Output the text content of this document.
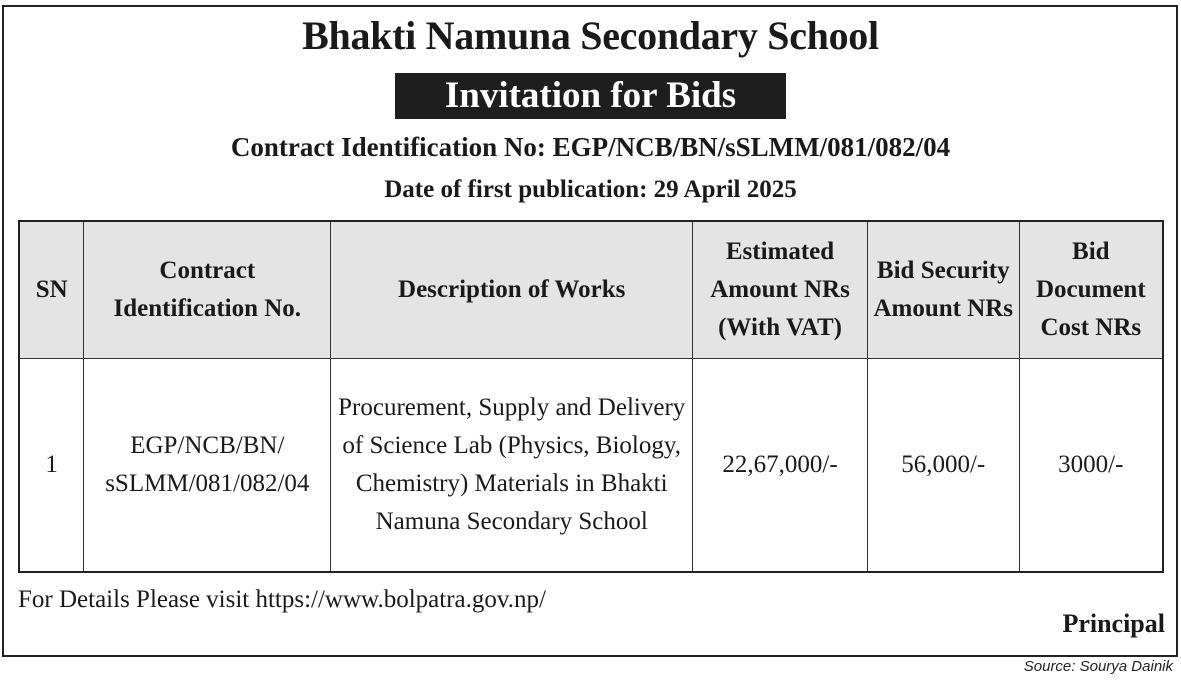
Bhakti Namuna Secondary School
Invitation for Bids
Contract Identification No: EGP/NCB/BN/sSLMM/081/082/04
Date of first publication: 29 April 2025
SN	Contract Identification No.	Description of Works	Estimated Amount NRs (With VAT)	Bid Security Amount NRs	Bid Document Cost NRs
1	EGP/NCB/BN/ sSLMM/081/082/04	Procurement, Supply and Delivery of Science Lab (Physics, Biology, Chemistry) Materials in Bhakti Namuna Secondary School	22,67,000/-	56,000/-	3000/-
For Details Please visit https://www.bolpatra.gov.np/
Principal
Source: Sourya Dainik
